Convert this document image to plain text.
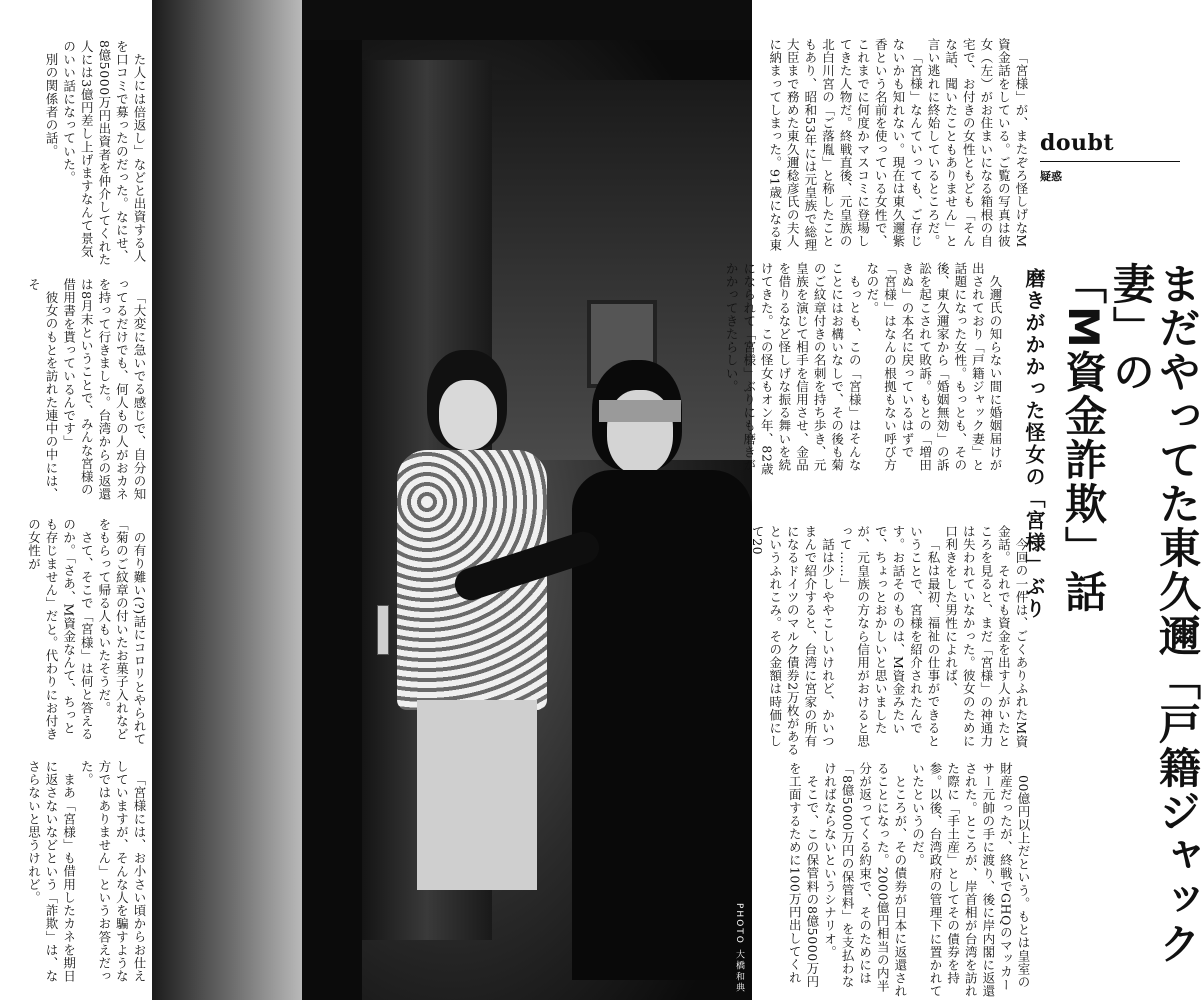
PHOTO 大橋和典
doubt
疑惑
まだやってた東久邇「戸籍ジャック妻」の
「M資金詐欺」話
磨きがかかった怪女の「宮様」ぶり

「宮様」が、またぞろ怪しげなM資金話をしている。ご覧の写真は彼女（左）がお住まいになる箱根の自宅で、お付きの女性ともども「そんな話、聞いたこともありません」と言い逃れに終始しているところだ。

「宮様」なんていっても、ご存じないかも知れない。現在は東久邇紫香という名前を使っている女性で、これまでに何度かマスコミに登場してきた人物だ。終戦直後、元皇族の北白川宮の「ご落胤」と称したこともあり、昭和53年には元皇族で総理大臣まで務めた東久邇稔彦氏の夫人に納まってしまった。91歳になる東

久邇氏の知らない間に婚姻届けが出されており「戸籍ジャック妻」と話題になった女性。もっとも、その後、東久邇家から「婚姻無効」の訴訟を起こされて敗訴。もとの「増田きぬ」の本名に戻っているはずで「宮様」はなんの根拠もない呼び方なのだ。

もっとも、この「宮様」はそんなことにはお構いなしで、その後も菊のご紋章付きの名刺を持ち歩き、元皇族を演じて相手を信用させ、金品を借りるなど怪しげな振る舞いを続けてきた。この怪女もオン年、82歳になられて「宮様」ぶりにも磨きがかかってきたらしい。

今回の一件は、ごくありふれたM資金話。それでも資金を出す人がいたところを見ると、まだ「宮様」の神通力は失われていなかった。彼女のために口利きをした男性によれば、

「私は最初、福祉の仕事ができるということで、宮様を紹介されたんです。お話そのものは、M資金みたいで、ちょっとおかしいと思いましたが、元皇族の方なら信用がおけると思って……」

話は少しややこしいけれど、かいつまんで紹介すると、台湾に宮家の所有になるドイツのマルク債券2万枚があるというふれこみ。その金額は時価にして20

00億円以上だという。もとは皇室の財産だったが、終戦でGHQのマッカーサー元帥の手に渡り、後に岸内閣に返還された。ところが、岸首相が台湾を訪れた際に「手土産」としてその債券を持参。以後、台湾政府の管理下に置かれていたというのだ。

ところが、その債券が日本に返還されることになった。2000億円相当の内半分が返ってくる約束で、そのためには「8億5000万円の保管料」を支払わなければならないというシナリオ。

そこで、この保管料の8億5000万円を工面するために100万円出してくれ

た人には倍返し」などと出資する人を口コミで募ったのだった。なにせ、8億5000万円出資者を仲介してくれた人には3億円差し上げますなんて景気のいい話になっていた。

別の関係者の話。

「大変に急いでる感じで、自分の知ってるだけでも、何人もの人がおカネを持って行きました。台湾からの返還は8月末ということで、みんな宮様の借用書を貰っているんです」

彼女のもとを訪れた連中の中には、そ

の有り難い(?)話にコロリとやられて「菊のご紋章の付いたお菓子入れなどをもらって帰る人もいたそうだ。

さて、そこで「宮様」は何と答えるのか。「さあ、M資金なんて、ちっとも存じません」だと。代わりにお付きの女性が

「宮様には、お小さい頃からお仕えしていますが、そんな人を騙すような方ではありません」というお答えだった。

まあ「宮様」も借用したカネを期日に返さないなどという「詐欺」は、なさらないと思うけれど。
